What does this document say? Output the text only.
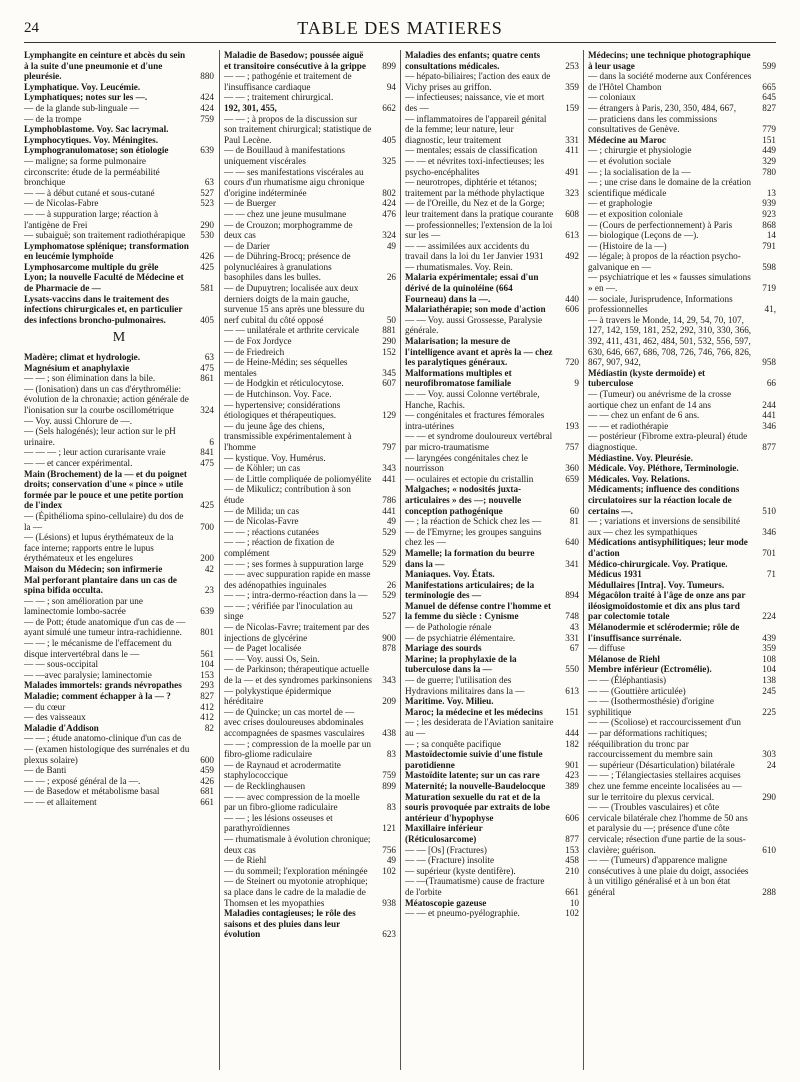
24	TABLE DES MATIERES
Lymphangite en ceinture et abcès du sein à la suite d'une pneumonie et d'une pleurésie.	880
Lymphatique. Voy. Leucémie.
Lymphatiques; notes sur les —.	424
— de la glande sub-linguale —	424
— de la trompe	759
Lymphoblastome. Voy. Sac lacrymal.
Lymphocytiques. Voy. Méningites.
Lymphogranulomatose; son étiologie	639
— maligne; sa forme pulmonaire circonscrite: étude de la perméabilité bronchique	63
— — à début cutané et sous-cutané	527
— de Nicolas-Fabre	523
— — à suppuration large; réaction à l'antigène de Frei	290
— subaiguë; son traitement radiothérapique	530
Lymphomatose splénique; transformation en leucémie lymphoïde	426
Lymphosarcome multiple du grêle	425
Lyon; la nouvelle Faculté de Médecine et de Pharmacie de —	581
Lysats-vaccins dans le traitement des infections chirurgicales et, en particulier des infections broncho-pulmonaires.	405
M
Madère; climat et hydrologie.	63
Magnésium et anaphylaxie	475
— — ; son élimination dans la bile.	861
— (Ionisation) dans un cas d'érythromélie: évolution de la chronaxie; action générale de l'ionisation sur la courbe oscillométrique	324
— Voy. aussi Chlorure de —.
— (Sels halogénés); leur action sur le pH urinaire.	6
— — — ; leur action curarisante vraie	841
— — et cancer expérimental.	475
Main (Brochement) de la — et du poignet droits; conservation d'une « pince » utile formée par le pouce et une petite portion de l'index	425
— (Épithélioma spino-cellulaire) du dos de la —	700
— (Lésions) et lupus érythémateux de la face interne; rapports entre le lupus érythémateux et les engelures	200
Maison du Médecin; son infirmerie	42
Mal perforant plantaire dans un cas de spina bifida occulta.	23
— — ; son amélioration par une laminectomie lombo-sacrée	639
— de Pott; étude anatomique d'un cas de — ayant simulé une tumeur intra-rachidienne.	801
— — ; le mécanisme de l'effacement du disque intervertébral dans le —	561
— — sous-occipital	104
— —avec paralysie; laminectomie	153
Malades immortels: grands névropathes	293
Maladie; comment échapper à la — ?	827
— du cœur	412
— des vaisseaux	412
Maladie d'Addison	82
— — ; étude anatomo-clinique d'un cas de — (examen histologique des surrénales et du plexus solaire)	600
— de Banti	459
— — ; exposé général de la —.	426
— de Basedow et métabolisme basal	681
— — et allaitement	661
Maladie de Basedow; poussée aiguë et transitoire consécutive à la grippe	899
— — ; pathogénie et traitement de l'insuffisance cardiaque	94
— — ; traitement chirurgical.
192, 301, 455,	662
— — ; à propos de la discussion sur son traitement chirurgical; statistique de Paul Lecène.	405
— de Bouillaud à manifestations uniquement viscérales	325
— — ses manifestations viscérales au cours d'un rhumatisme aigu chronique d'origine indéterminée	802
— de Buerger	424
— — chez une jeune musulmane	476
— de Crouzon; morphogramme de deux cas	324
— de Darier	49
— de Dühring-Brocq; présence de polynucléaires à granulations basophiles dans les bulles.	26
— de Dupuytren; localisée aux deux derniers doigts de la main gauche, survenue 15 ans après une blessure du nerf cubital du côté opposé	50
— — unilatérale et arthrite cervicale	881
— de Fox Jordyce	290
— de Friedreich	152
— de Heine-Médin; ses séquelles mentales	345
— de Hodgkin et réticulocytose.	607
— de Hutchinson. Voy. Face.
— hypertensive; considérations étiologiques et thérapeutiques.	129
— du jeune âge des chiens, transmissible expérimentalement à l'homme	797
— kystique. Voy. Humérus.
— de Köhler; un cas	343
— de Little compliquée de poliomyélite	441
— de Mikulicz; contribution à son étude	786
— de Milida; un cas	441
— de Nicolas-Favre	49
— — ; réactions cutanées	529
— — ; réaction de fixation de complément	529
— — ; ses formes à suppuration large	529
— — avec suppuration rapide en masse des adénopathies inguinales	26
— — ; intra-dermo-réaction dans la —	529
— — ; vérifiée par l'inoculation au singe	527
— de Nicolas-Favre; traitement par des injections de glycérine	900
— de Paget localisée	878
— — Voy. aussi Os, Sein.
— de Parkinson; thérapeutique actuelle de la — et des syndromes parkinsoniens	343
— polykystique épidermique héréditaire	209
— de Quincke; un cas mortel de — avec crises douloureuses abdominales accompagnées de spasmes vasculaires	438
— — ; compression de la moelle par un fibro-gliome radiculaire	83
— de Raynaud et acrodermatite staphylococcique	759
— de Recklinghausen	899
— — avec compression de la moelle par un fibro-gliome radiculaire	83
— — ; les lésions osseuses et parathyroïdiennes	121
— rhumatismale à évolution chronique; deux cas	756
— de Riehl	49
— du sommeil; l'exploration méningée	102
— de Steinert ou myotonie atrophique; sa place dans le cadre de la maladie de Thomsen et les myopathies	938
Maladies contagieuses; le rôle des saisons et des pluies dans leur évolution	623
Maladies des enfants; quatre cents consultations médicales.	253
— hépato-biliaires; l'action des eaux de Vichy prises au griffon.	359
— infectieuses; naissance, vie et mort des —	159
— inflammatoires de l'appareil génital de la femme; leur nature, leur diagnostic, leur traitement	331
— mentales; essais de classification	411
— — et névrites toxi-infectieuses; les psycho-encéphalites	491
— neurotropes, diphtérie et tétanos; traitement par la méthode phylactique	323
— de l'Oreille, du Nez et de la Gorge; leur traitement dans la pratique courante	608
— professionnelles; l'extension de la loi sur les —	613
— — assimilées aux accidents du travail dans la loi du 1er Janvier 1931	492
— rhumatismales. Voy. Rein.
Malaria expérimentale; essai d'un dérivé de la quinoléine (664 Fourneau) dans la —.	440
Malariathérapie; son mode d'action	606
— — Voy. aussi Grossesse, Paralysie générale.
Malarisation; la mesure de l'intelligence avant et après la — chez les paralytiques généraux.	720
Malformations multiples et neurofibromatose familiale	9
— — Voy. aussi Colonne vertébrale, Hanche, Rachis.
— congénitales et fractures fémorales intra-utérines	193
— — et syndrome douloureux vertébral par micro-traumatisme	757
— laryngées congénitales chez le nourrisson	360
— oculaires et ectopie du cristallin	659
Malgaches; « nodosités juxta-articulaires » des —; nouvelle conception pathogénique	60
— ; la réaction de Schick chez les —	81
— de l'Emyrne; les groupes sanguins chez les —	640
Mamelle; la formation du beurre dans la —	341
Maniaques. Voy. États.
Manifestations articulaires; de la terminologie des —	894
Manuel de défense contre l'homme et la femme du siècle : Cynisme	748
— de Pathologie rénale	43
— de psychiatrie élémentaire.	331
Mariage des sourds	67
Marine; la prophylaxie de la tuberculose dans la —	550
— de guerre; l'utilisation des Hydravions militaires dans la —	613
Maritime. Voy. Milieu.
Maroc; la médecine et les médecins	151
— ; les desiderata de l'Aviation sanitaire au —	444
— ; sa conquête pacifique	182
Mastoïdectomie suivie d'une fistule parotidienne	901
Mastoïdite latente; sur un cas rare	423
Maternité; la nouvelle-Baudelocque	389
Maturation sexuelle du rat et de la souris provoquée par extraits de lobe antérieur d'hypophyse	606
Maxillaire inférieur (Réticulosarcome)	877
— — [Os] (Fractures)	153
— — (Fracture) insolite	458
— supérieur (kyste dentifère).	210
— —(Traumatisme) cause de fracture de l'orbite	661
Méatoscopie gazeuse	10
— — et pneumo-pyélographie.	102
Médecins; une technique photographique à leur usage	599
— dans la société moderne aux Conférences de l'Hôtel Chambon	665
— coloniaux	645
— étrangers à Paris, 230, 350, 484, 667,	827
— praticiens dans les commissions consultatives de Genève.	779
Médecine au Maroc	151
— ; chirurgie et physiologie	449
— et évolution sociale	329
— ; la socialisation de la —	780
— ; une crise dans le domaine de la création scientifique médicale	13
— et graphologie	939
— et exposition coloniale	923
— (Cours de perfectionnement) à Paris	868
— biologique (Leçons de —).	14
— (Histoire de la —)	791
— légale; à propos de la réaction psycho-galvanique en —	598
— psychiatrique et les « fausses simulations » en —.	719
— sociale, Jurisprudence, Informations professionnelles	41,
— à travers le Monde, 14, 29, 54, 70, 107, 127, 142, 159, 181, 252, 292, 310, 330, 366, 392, 411, 431, 462, 484, 501, 532, 556, 597, 630, 646, 667, 686, 708, 726, 746, 766, 826, 867, 907, 942,	958
Médiastin (kyste dermoïde) et tuberculose	66
— (Tumeur) ou anévrisme de la crosse aortique chez un enfant de 14 ans	244
— — chez un enfant de 6 ans.	441
— — et radiothérapie	346
— postérieur (Fibrome extra-pleural) étude diagnostique.	877
Médiastine. Voy. Pleurésie.
Médicale. Voy. Pléthore, Terminologie.
Médicales. Voy. Relations.
Médicaments; influence des conditions circulatoires sur la réaction locale de certains —.	510
— ; variations et inversions de sensibilité aux — chez les sympathiques	346
Médications antisyphilitiques; leur mode d'action	701
Médico-chirurgicale. Voy. Pratique.
Médicus 1931	71
Médullaires [Intra]. Voy. Tumeurs.
Mégacôlon traité à l'âge de onze ans par iléosigmoïdostomie et dix ans plus tard par colectomie totale	224
Mélanodermie et sclérodermie; rôle de l'insuffisance surrénale.	439
— diffuse	359
Mélanose de Riehl	108
Membre inférieur (Ectromélie).	104
— — (Éléphantiasis)	138
— — (Gouttière articulée)	245
— — (Isothermosthésie) d'origine syphilitique	225
— — (Scoliose) et raccourcissement d'un — par déformations rachitiques; rééquilibration du tronc par raccourcissement du membre sain	303
— supérieur (Désarticulation) bilatérale	24
— — ; Télangiectasies stellaires acquises chez une femme enceinte localisées au — sur le territoire du plexus cervical.	290
— — (Troubles vasculaires) et côte cervicale bilatérale chez l'homme de 50 ans et paralysie du —; présence d'une côte cervicale; résection d'une partie de la sous-clavière; guérison.	610
— — (Tumeurs) d'apparence maligne consécutives à une plaie du doigt, associées à un vitiligo généralisé et à un bon état général	288
